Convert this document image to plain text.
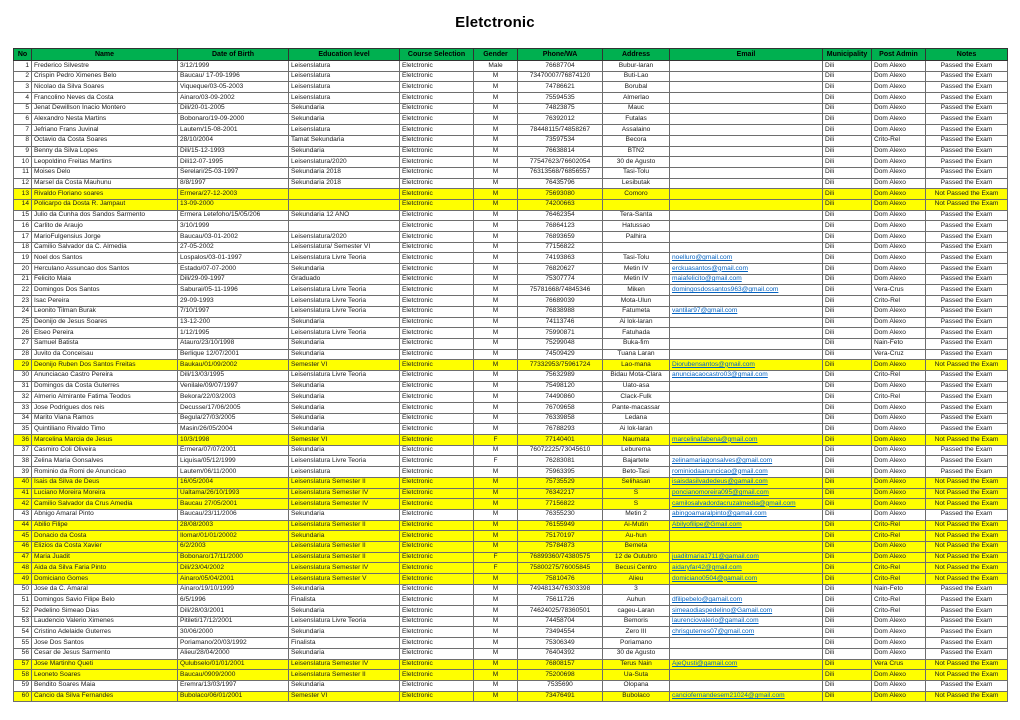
Eletctronic
No	Name	Date of Birth	Education level	Course Selection	Gender	Phone/WA	Address	Email	Municipality	Post Admin	Notes
1	Frederico Silvestre	3/12/1999	Leisenslatura	Eletctronic	Male	76687704	Bubur-laran		Dili	Dom Alexo	Passed the Exam
2	Crispin Pedro Ximenes Belo	Baucau/ 17-09-1996	Leisenslatura	Eletctronic	M	73470007/76874120	Buti-Lao		Dili	Dom Alexo	Passed the Exam
3	Nicolao da Silva Soares	Viqueque/03-05-2003	Leisenslatura	Eletctronic	M	74786621	Borubal		Dili	Dom Alexo	Passed the Exam
4	Francolino Neves da Costa	Ainaro/03-09-2002	Leisenslatura	Eletctronic	M	75594535	Almerlao		Dili	Dom Alexo	Passed the Exam
5	Jenat Dewillson Inacio Montero	Dili/20-01-2005	Sekundaria	Eletctronic	M	74823875	Mauc		Dili	Dom Alexo	Passed the Exam
6	Alexandro Nesta Martins	Bobonaro/19-09-2000	Sekundaria	Eletctronic	M	76392012	Futalas		Dili	Dom Alexo	Passed the Exam
7	Jefriano Frans Juvinal	Lautem/15-08-2001	Leisenslatura	Eletctronic	M	78448115/74858267	Assalaino		Dili	Dom Alexo	Passed the Exam
8	Octavio da Costa Soares	28/10/2004	Tamat Sekundaria	Eletctronic	M	73597534	Becora		Dili	Crito-Rel	Passed the Exam
9	Benny da Silva Lopes	Dili/15-12-1993	Sekundaria	Eletctronic	M	76638814	BTN2		Dili	Dom Alexo	Passed the Exam
10	Leopoldino Freitas Martins	Dili12-07-1995	Leisenslatura/2020	Eletctronic	M	77547623/76602054	30 de Agusto		Dili	Dom Alexo	Passed the Exam
11	Moises Delo	Serelari/25-03-1997	Sekundaria 2018	Eletctronic	M	76313568/76856557	Tasi-Tolu		Dili	Dom Alexo	Passed the Exam
12	Marsel da Costa Mauhunu	8/8/1997	Sekundaria 2018	Eletctronic	M	76435796	Lesibutak		Dili	Dom Alexo	Passed the Exam
13	Rivaldo Floriano soares	Ermera/27-12-2003		Eletctronic	M	75693080	Comoro		Dili	Dom Alexo	Not Passed the Exam
14	Policarpo da Dosta R. Jampaut	13-09-2000		Eletctronic	M	74200663			Dili	Dom Alexo	Not Passed the Exam
15	Julio da Cunha dos Sandos Sarmento	Ermera Letefoho/15/05/206	Sekundaria 12 ANO	Eletctronic	M	76462354	Tera-Santa		Dili	Dom Alexo	Passed the Exam
16	Carlito de Araujo	3/10/1999		Eletctronic	M	76864123	Hatussao		Dili	Dom Alexo	Passed the Exam
17	MarioFulgensius Jorge	Baucau/03-01-2002	Leisenslatura/2020	Eletctronic	M	76893659	Palhira		Dili	Dom Alexo	Passed the Exam
18	Camilio Salvador da C. Almedia	27-05-2002	Leisenslatura/ Semester VI	Eletctronic	M	77156822			Dili	Dom Alexo	Passed the Exam
19	Noel dos Santos	Lospalos/03-01-1997	Leisenslatura Livre Teoria	Eletctronic	M	74193863	Tasi-Tolu	noelluro@gmail.com	Dili	Dom Alexo	Passed the Exam
20	Herculano Assuncao dos Santos	Estado/07-07-2000	Sekundaria	Eletctronic	M	76820627	Metin IV	erckuasantos@gmail.com	Dili	Dom Alexo	Passed the Exam
21	Felicito Maia	Dili/29-09-1997	Graduado	Eletctronic	M	75307774	Metin IV	maiafelicito@gmail.com	Dili	Dom Alexo	Passed the Exam
22	Domingos Dos Santos	Saburai/05-11-1996	Leisenslatura Livre Teoria	Eletctronic	M	75781668/74845346	Miken	domingosdossantos963@gmail.com	Dili	Vera-Crus	Passed the Exam
23	Isac Pereira	29-09-1993	Leisenslatura Livre Teoria	Eletctronic	M	76689039	Mota-Ulun		Dili	Crito-Rel	Passed the Exam
24	Leonito Tilman Burak	7/10/1997	Leisenslatura Livre Teoria	Eletctronic	M	76838988	Fatumeta	vantilar97@gmail.com	Dili	Dom Alexo	Passed the Exam
25	Deonijo de Jesus Soares	13-12-200	Sekundaria	Eletctronic	M	74113746	Ai lok-laran		Dili	Dom Alexo	Passed the Exam
26	Elseo Pereira	1/12/1995	Leisenslatura Livre Teoria	Eletctronic	M	75990871	Fatuhada		Dili	Dom Alexo	Passed the Exam
27	Samuel Batista	Atauro/23/10/1998	Sekundaria	Eletctronic	M	75299048	Buka-fim		Dili	Nain-Feto	Passed the Exam
28	Juvito da Conceisau	Berlique 12/07/2001	Sekundaria	Eletctronic	M	74509429	Tuana Laran		Dili	Vera-Cruz	Passed the Exam
29	Deonijo Ruben Dos Santos Freitas	Baukau/01/09/2002	Semester VI	Eletctronic	M	77332953/75961724	Lao-mana	Diorubensantos@gmail.com	Dili	Dom Alexo	Not Passed the Exam
30	Anunciacao Castro Pereira	Dili/13/03/1995	Leisenslatura Livre Teoria	Eletctronic	M	75632989	Bidau Mota-Clara	anunciacaocastro03@gmail.com	Dili	Crito-Rel	Passed the Exam
31	Domingos da Costa Guterres	Venilale/09/07/1997	Sekundaria	Eletctronic	M	75498120	Uato-asa		Dili	Dom Alexo	Passed the Exam
32	Almerio Almirante Fatima Teodos	Bekora/22/03/2003	Sekundaria	Eletctronic	M	74490860	Clack-Fulk		Dili	Crito-Rel	Passed the Exam
33	Jose Podrigues dos reis	Decusse/17/06/2005	Sekundaria	Eletctronic	M	76709658	Pante-macassar		Dili	Dom Alexo	Passed the Exam
34	Marito Viana Ramos	Begula/27/03/2005	Sekundaria	Eletctronic	M	76339858	Ledana		Dili	Dom Alexo	Passed the Exam
35	Quintiliano Rivaldo Timo	Masin/26/05/2004	Sekundaria	Eletctronic	M	76788293	Ai lok-laran		Dili	Dom Alexo	Passed the Exam
36	Marcelina Marcia de Jesus	10/3/1998	Semester VI	Eletctronic	F	77140401	Naumata	marcelinafabena@gmail.com	Dili	Dom Alexo	Not Passed the Exam
37	Casmiro Coli Oliveira	Ermera/07/07/2001	Sekundaria	Eletctronic	M	76072225/73045610	Leburema		Dili	Dom Alexo	Passed the Exam
38	Zelina Maria Gonsalves	Liquisa/05/12/1999	Leisenslatura Livre Teoria	Eletctronic	F	76283081	Bajartete	zelinamariagonsalves@gmail.com	Dili	Dom Alexo	Passed the Exam
39	Rominio da Romi de Anuncicao	Lautem/06/11/2000	Leisenslatura	Eletctronic	M	75963395	Beto-Tasi	rominiodaanuncicao@gmail.com	Dili	Dom Alexo	Passed the Exam
40	Isais da Silva de Deus	16/05/2004	Leisenslatura Semester II	Eletctronic	M	75735529	Selihasan	isaisdasilvadedeus@gamail.com	Dili	Dom Alexo	Not Passed the Exam
41	Luciano Moreira Moreira	Ualtama/26/10/1993	Leisenslatura Semester IV	Eletctronic	M	76342217	S	poncianomoreira095@gmail.com	Dili	Dom Alexo	Not Passed the Exam
42	Camilio Salvador da Crus Amedia	Baucau 27/05/2001	Leisenslatura Semester IV	Eletctronic	M	77156822	S	camilosalvadordacruzalmedia@gmail.com	Dili	Dom Alexo	Not Passed the Exam
43	Abnigo Amaral Pinto	Baucau/23/11/2006	Sekundaria	Eletctronic	M	76355230	Metin 2	abingoamaralpinto@gamail.com	Dili	Dom Alexo	Passed the Exam
44	Abilio Filipe	28/08/2003	Leisenslatura Semester II	Eletctronic	M	76155949	Ai-Mutin	Abilyofilipe@Gmail.com	Dili	Crito-Rel	Not Passed the Exam
45	Donacio da Costa	Ilomar/01/01/20002	Sekundaria	Eletctronic	M	75170197	Au-hun		Dili	Crito-Rel	Not Passed the Exam
46	Elizios da Costa Xavier	6/2/2003	Leisenslatura Semester II	Eletctronic	M	75784873	Bemeta		Dili	Dom Alexo	Not Passed the Exam
47	Maria Juadit	Bobonaro/17/11/2000	Leisenslatura Semester II	Eletctronic	F	76899360/74380575	12 de Outubro	juaditmaria1711@gamail.com	Dili	Dom Alexo	Not Passed the Exam
48	Aida da Silva Faria Pinto	Dili/23/04/2002	Leisenslatura Semester IV	Eletctronic	F	75800275/76005845	Becusi Centro	aidaryfar42@gmail.com	Dili	Crito-Rel	Not Passed the Exam
49	Domiciano Gomes	Ainaro/05/04/2001	Leisenslatura Semester V	Eletctronic	M	75810476	Alieu	domiciano0504@gamail.com	Dili	Crito-Rel	Not Passed the Exam
50	Jose da C. Amaral	Ainaro/19/10/1999	Sekundaria	Eletctronic	M	74948134/76303398	3		Dili	Nain-Feto	Passed the Exam
51	Domingos Savio Filipe Belo	6/5/1996	Finalista	Eletctronic	M	75611726	Auhun	dfilipebelo@gamail.com	Dili	Crito-Rel	Passed the Exam
52	Pedelino Simeao Dias	Dili/28/03/2001	Sekundaria	Eletctronic	M	74624025/78360501	cageu-Laran	simeaodiaspedelino@Gamail.com	Dili	Crito-Rel	Passed the Exam
53	Laudencio Valerio Ximenes	Pitileti/17/12/2001	Leisenslatura Livre Teoria	Eletctronic	M	74458704	Bemoris	laurenciovalerio@gamail.com	Dili	Dom Alexo	Passed the Exam
54	Cristino Adelaide Guterres	30/06/2000	Sekundaria	Eletctronic	M	73494554	Zero III	chrisguterres07@gmail.com	Dili	Dom Alexo	Passed the Exam
55	Jose Dos Santos	Poriamano/20/03/1992	Finalista	Eletctronic	M	75306349	Poriamano		Dili	Dom Alexo	Passed the Exam
56	Cesar de Jesus Sarmento	Alieu/28/04/2000	Sekundaria	Eletctronic	M	76404392	30 de Agusto		Dili	Dom Alexo	Passed the Exam
57	Jose Martinho Queti	Qulubselo/01/01/2001	Leisenslatura Semester IV	Eletctronic	M	76808157	Terus Nain	AjeQusti@gamail.com	Dili	Vera Crus	Not Passed the Exam
58	Leoneto Soares	Baucau/0909/2000	Leisenslatura Semester II	Eletctronic	M	75200698	Ua-Suta		Dili	Dom Alexo	Not Passed the Exam
59	Bendito Soares Maia	Eremra/13/03/1997	Sekundaria	Eletctronic	M	7535690	Olopana		Dili	Dom Alexo	Passed the Exam
60	Cancio da Silva Fernandes	Bubolaco/06/01/2001	Semester VI	Eletctronic	M	73476491	Bubolaco	canciofernandesem21024@gmail.com	Dili	Dom Alexo	Not Passed the Exam
